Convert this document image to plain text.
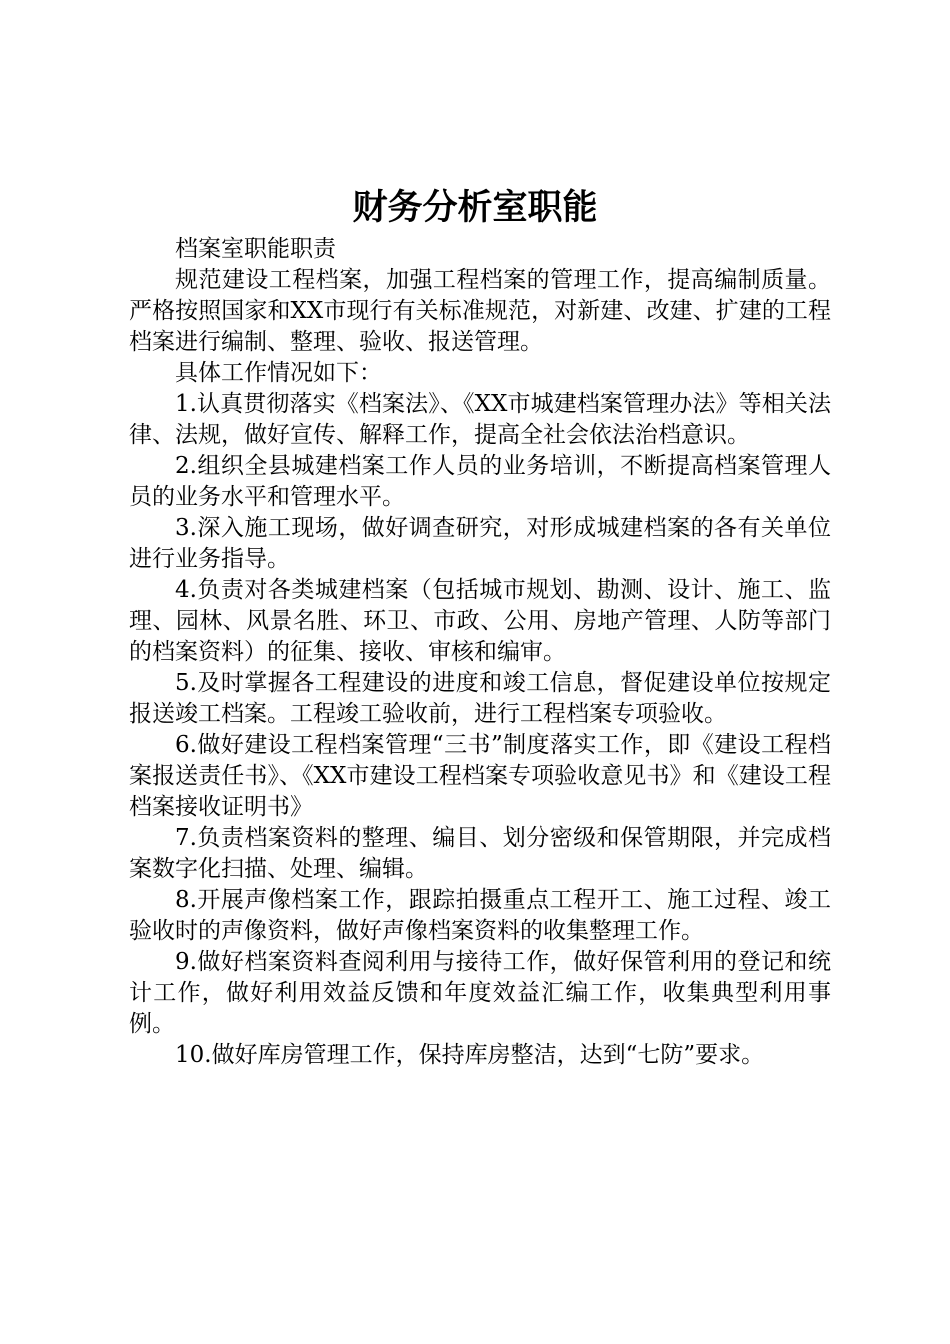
财务分析室职能

档案室职能职责

规范建设工程档案，加强工程档案的管理工作，提高编制质量。严格按照国家和XX市现行有关标准规范，对新建、改建、扩建的工程档案进行编制、整理、验收、报送管理。

具体工作情况如下：

1.认真贯彻落实《档案法》、《XX市城建档案管理办法》等相关法律、法规，做好宣传、解释工作，提高全社会依法治档意识。

2.组织全县城建档案工作人员的业务培训，不断提高档案管理人员的业务水平和管理水平。

3.深入施工现场，做好调查研究，对形成城建档案的各有关单位进行业务指导。

4.负责对各类城建档案（包括城市规划、勘测、设计、施工、监理、园林、风景名胜、环卫、市政、公用、房地产管理、人防等部门的档案资料）的征集、接收、审核和编审。

5.及时掌握各工程建设的进度和竣工信息，督促建设单位按规定报送竣工档案。工程竣工验收前，进行工程档案专项验收。

6.做好建设工程档案管理“三书”制度落实工作，即《建设工程档案报送责任书》、《XX市建设工程档案专项验收意见书》和《建设工程档案接收证明书》

7.负责档案资料的整理、编目、划分密级和保管期限，并完成档案数字化扫描、处理、编辑。

8.开展声像档案工作，跟踪拍摄重点工程开工、施工过程、竣工验收时的声像资料，做好声像档案资料的收集整理工作。

9.做好档案资料查阅利用与接待工作，做好保管利用的登记和统计工作，做好利用效益反馈和年度效益汇编工作，收集典型利用事例。

10.做好库房管理工作，保持库房整洁，达到“七防”要求。
